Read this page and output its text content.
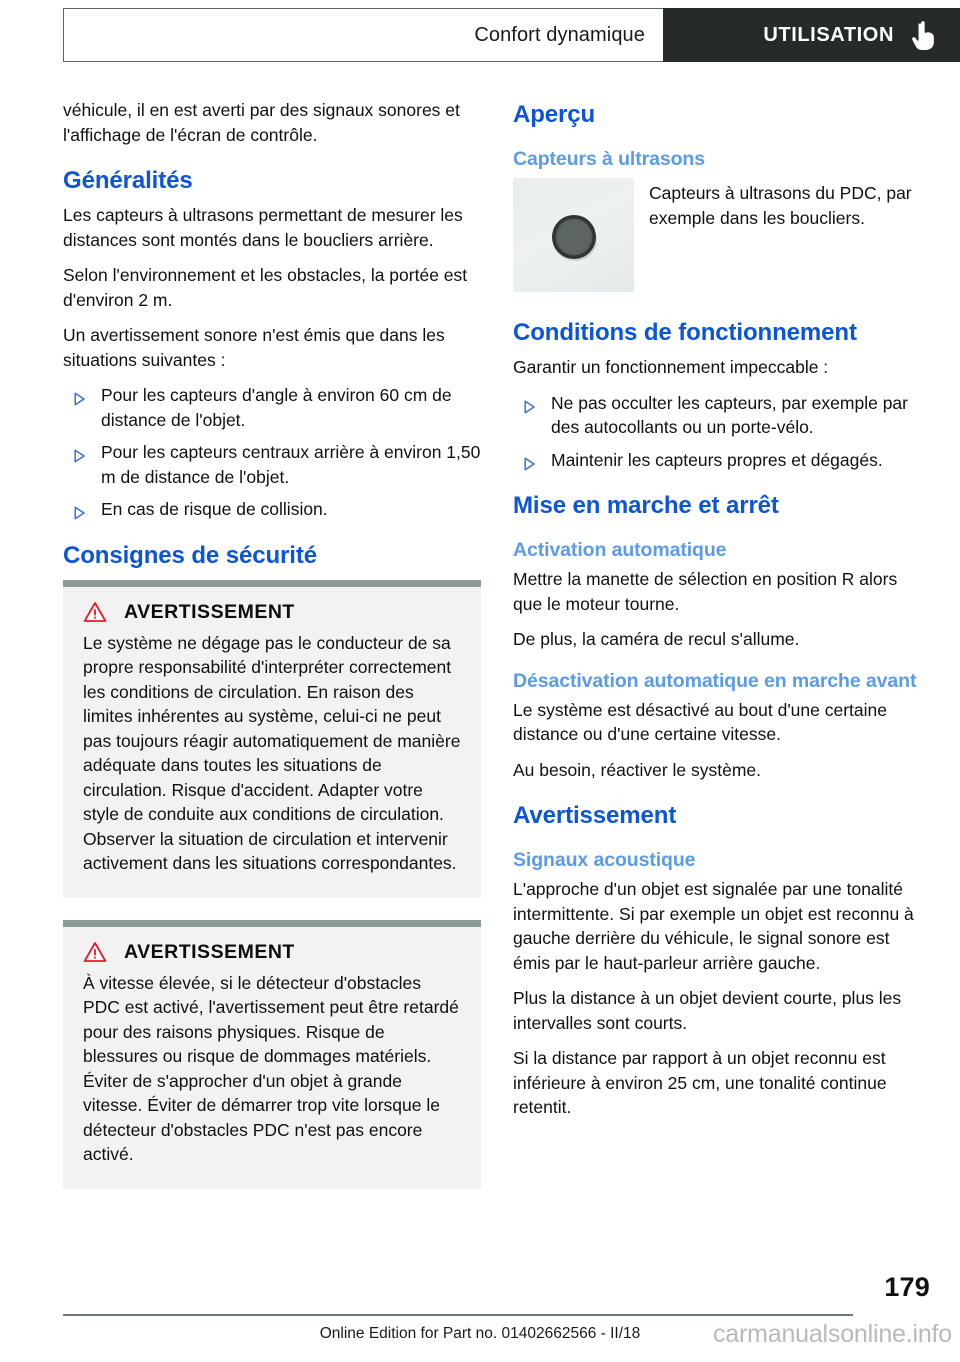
Confort dynamique	UTILISATION

véhicule, il en est averti par des signaux sonores et l'affichage de l'écran de contrôle.

Généralités

Les capteurs à ultrasons permettant de mesurer les distances sont montés dans le boucliers arrière.

Selon l'environnement et les obstacles, la portée est d'environ 2 m.

Un avertissement sonore n'est émis que dans les situations suivantes :

Pour les capteurs d'angle à environ 60 cm de distance de l'objet.
Pour les capteurs centraux arrière à environ 1,50 m de distance de l'objet.
En cas de risque de collision.
Consignes de sécurité
AVERTISSEMENT

Le système ne dégage pas le conducteur de sa propre responsabilité d'interpréter correctement les conditions de circulation. En raison des limites inhérentes au système, celui-ci ne peut pas toujours réagir automatiquement de manière adéquate dans toutes les situations de circulation. Risque d'accident. Adapter votre style de conduite aux conditions de circulation. Observer la situation de circulation et intervenir activement dans les situations correspondantes.

AVERTISSEMENT

À vitesse élevée, si le détecteur d'obstacles PDC est activé, l'avertissement peut être retardé pour des raisons physiques. Risque de blessures ou risque de dommages matériels. Éviter de s'approcher d'un objet à grande vitesse. Éviter de démarrer trop vite lorsque le détecteur d'obstacles PDC n'est pas encore activé.

Aperçu
Capteurs à ultrasons

Capteurs à ultrasons du PDC, par exemple dans les boucliers.

Conditions de fonctionnement

Garantir un fonctionnement impeccable :

Ne pas occulter les capteurs, par exemple par des autocollants ou un porte-vélo.
Maintenir les capteurs propres et dégagés.
Mise en marche et arrêt
Activation automatique

Mettre la manette de sélection en position R alors que le moteur tourne.

De plus, la caméra de recul s'allume.

Désactivation automatique en marche avant

Le système est désactivé au bout d'une certaine distance ou d'une certaine vitesse.

Au besoin, réactiver le système.

Avertissement
Signaux acoustique

L'approche d'un objet est signalée par une tonalité intermittente. Si par exemple un objet est reconnu à gauche derrière du véhicule, le signal sonore est émis par le haut-parleur arrière gauche.

Plus la distance à un objet devient courte, plus les intervalles sont courts.

Si la distance par rapport à un objet reconnu est inférieure à environ 25 cm, une tonalité continue retentit.

179
Online Edition for Part no. 01402662566 - II/18	carmanualsonline.info
